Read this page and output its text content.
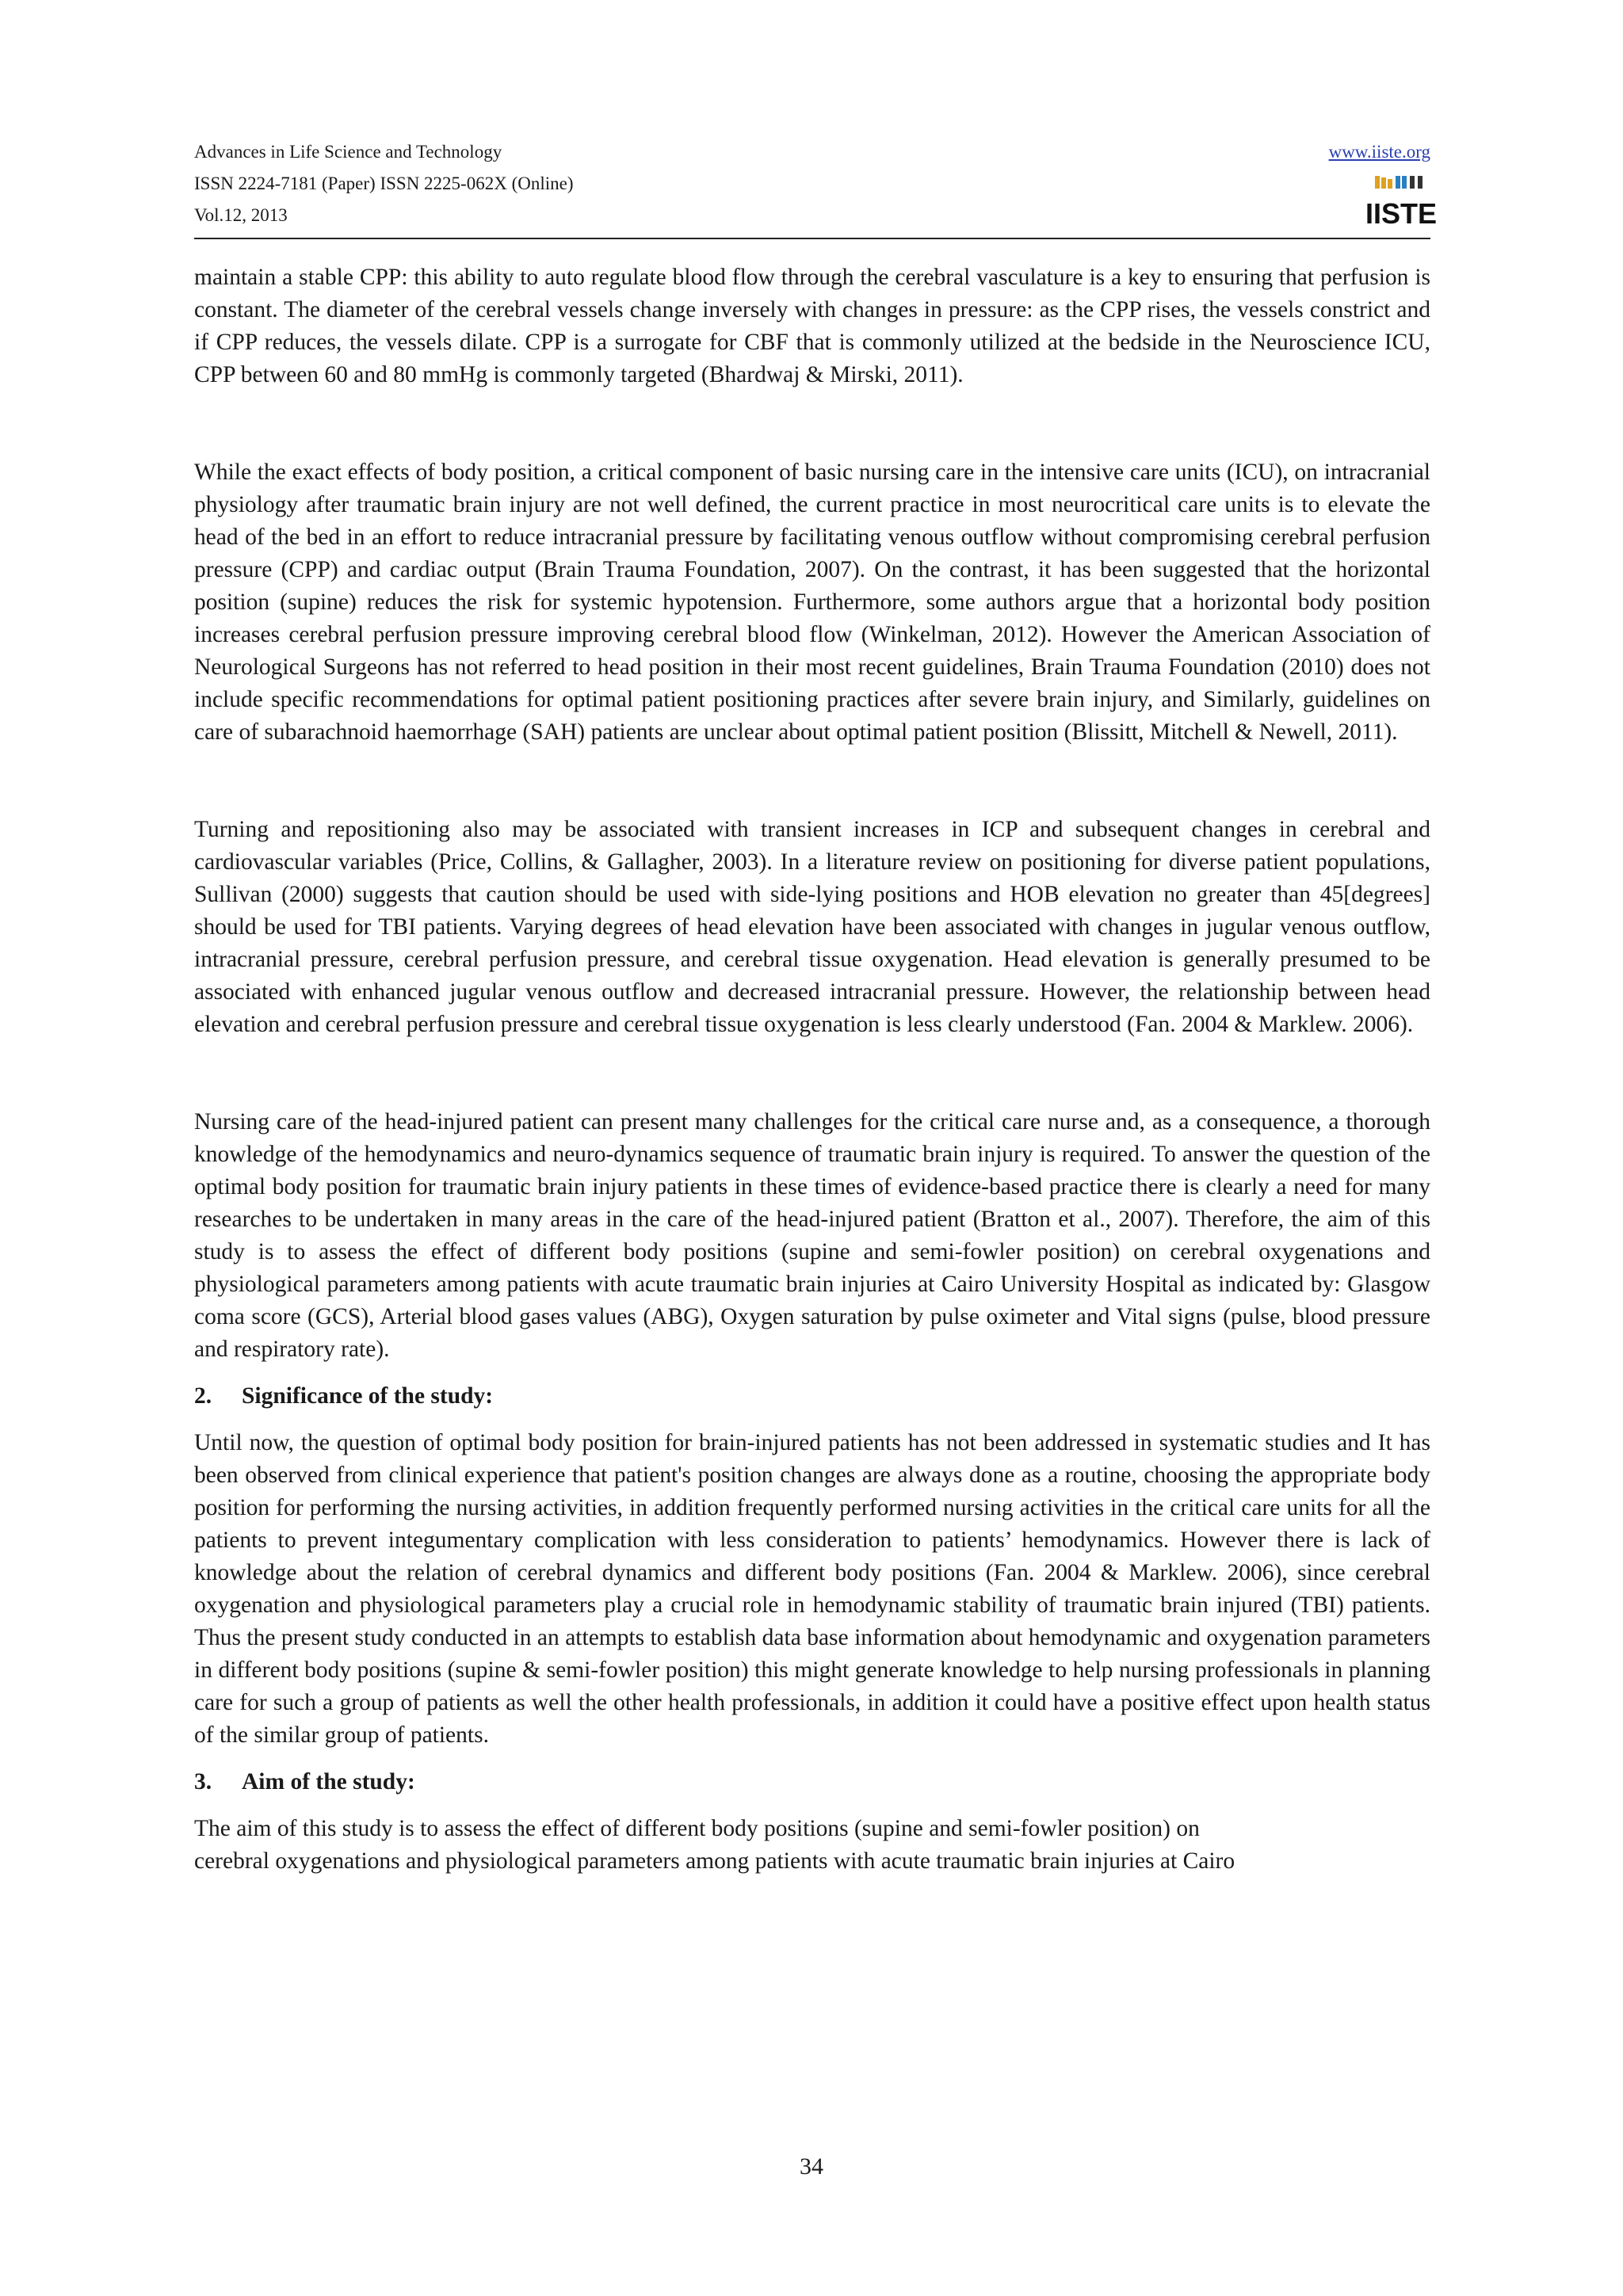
Advances in Life Science and Technology
ISSN 2224-7181 (Paper) ISSN 2225-062X (Online)
Vol.12, 2013
www.iiste.org
IISTE

maintain a stable CPP: this ability to auto regulate blood flow through the cerebral vasculature is a key to ensuring that perfusion is constant. The diameter of the cerebral vessels change inversely with changes in pressure: as the CPP rises, the vessels constrict and if CPP reduces, the vessels dilate. CPP is a surrogate for CBF that is commonly utilized at the bedside in the Neuroscience ICU, CPP between 60 and 80 mmHg is commonly targeted (Bhardwaj & Mirski, 2011).

While the exact effects of body position, a critical component of basic nursing care in the intensive care units (ICU), on intracranial physiology after traumatic brain injury are not well defined, the current practice in most neurocritical care units is to elevate the head of the bed in an effort to reduce intracranial pressure by facilitating venous outflow without compromising cerebral perfusion pressure (CPP) and cardiac output (Brain Trauma Foundation, 2007). On the contrast, it has been suggested that the horizontal position (supine) reduces the risk for systemic hypotension. Furthermore, some authors argue that a horizontal body position increases cerebral perfusion pressure improving cerebral blood flow (Winkelman, 2012). However the American Association of Neurological Surgeons has not referred to head position in their most recent guidelines, Brain Trauma Foundation (2010) does not include specific recommendations for optimal patient positioning practices after severe brain injury, and Similarly, guidelines on care of subarachnoid haemorrhage (SAH) patients are unclear about optimal patient position (Blissitt, Mitchell & Newell, 2011).

Turning and repositioning also may be associated with transient increases in ICP and subsequent changes in cerebral and cardiovascular variables (Price, Collins, & Gallagher, 2003). In a literature review on positioning for diverse patient populations, Sullivan (2000) suggests that caution should be used with side-lying positions and HOB elevation no greater than 45[degrees] should be used for TBI patients. Varying degrees of head elevation have been associated with changes in jugular venous outflow, intracranial pressure, cerebral perfusion pressure, and cerebral tissue oxygenation. Head elevation is generally presumed to be associated with enhanced jugular venous outflow and decreased intracranial pressure. However, the relationship between head elevation and cerebral perfusion pressure and cerebral tissue oxygenation is less clearly understood (Fan. 2004 & Marklew. 2006).

Nursing care of the head-injured patient can present many challenges for the critical care nurse and, as a consequence, a thorough knowledge of the hemodynamics and neuro-dynamics sequence of traumatic brain injury is required. To answer the question of the optimal body position for traumatic brain injury patients in these times of evidence-based practice there is clearly a need for many researches to be undertaken in many areas in the care of the head-injured patient (Bratton et al., 2007). Therefore, the aim of this study is to assess the effect of different body positions (supine and semi-fowler position) on cerebral oxygenations and physiological parameters among patients with acute traumatic brain injuries at Cairo University Hospital as indicated by: Glasgow coma score (GCS), Arterial blood gases values (ABG), Oxygen saturation by pulse oximeter and Vital signs (pulse, blood pressure and respiratory rate).

2. Significance of the study:

Until now, the question of optimal body position for brain-injured patients has not been addressed in systematic studies and It has been observed from clinical experience that patient's position changes are always done as a routine, choosing the appropriate body position for performing the nursing activities, in addition frequently performed nursing activities in the critical care units for all the patients to prevent integumentary complication with less consideration to patients’ hemodynamics. However there is lack of knowledge about the relation of cerebral dynamics and different body positions (Fan. 2004 & Marklew. 2006), since cerebral oxygenation and physiological parameters play a crucial role in hemodynamic stability of traumatic brain injured (TBI) patients. Thus the present study conducted in an attempts to establish data base information about hemodynamic and oxygenation parameters in different body positions (supine & semi-fowler position) this might generate knowledge to help nursing professionals in planning care for such a group of patients as well the other health professionals, in addition it could have a positive effect upon health status of the similar group of patients.

3. Aim of the study:
The aim of this study is to assess the effect of different body positions (supine and semi-fowler position) on
cerebral oxygenations and physiological parameters among patients with acute traumatic brain injuries at Cairo
34
